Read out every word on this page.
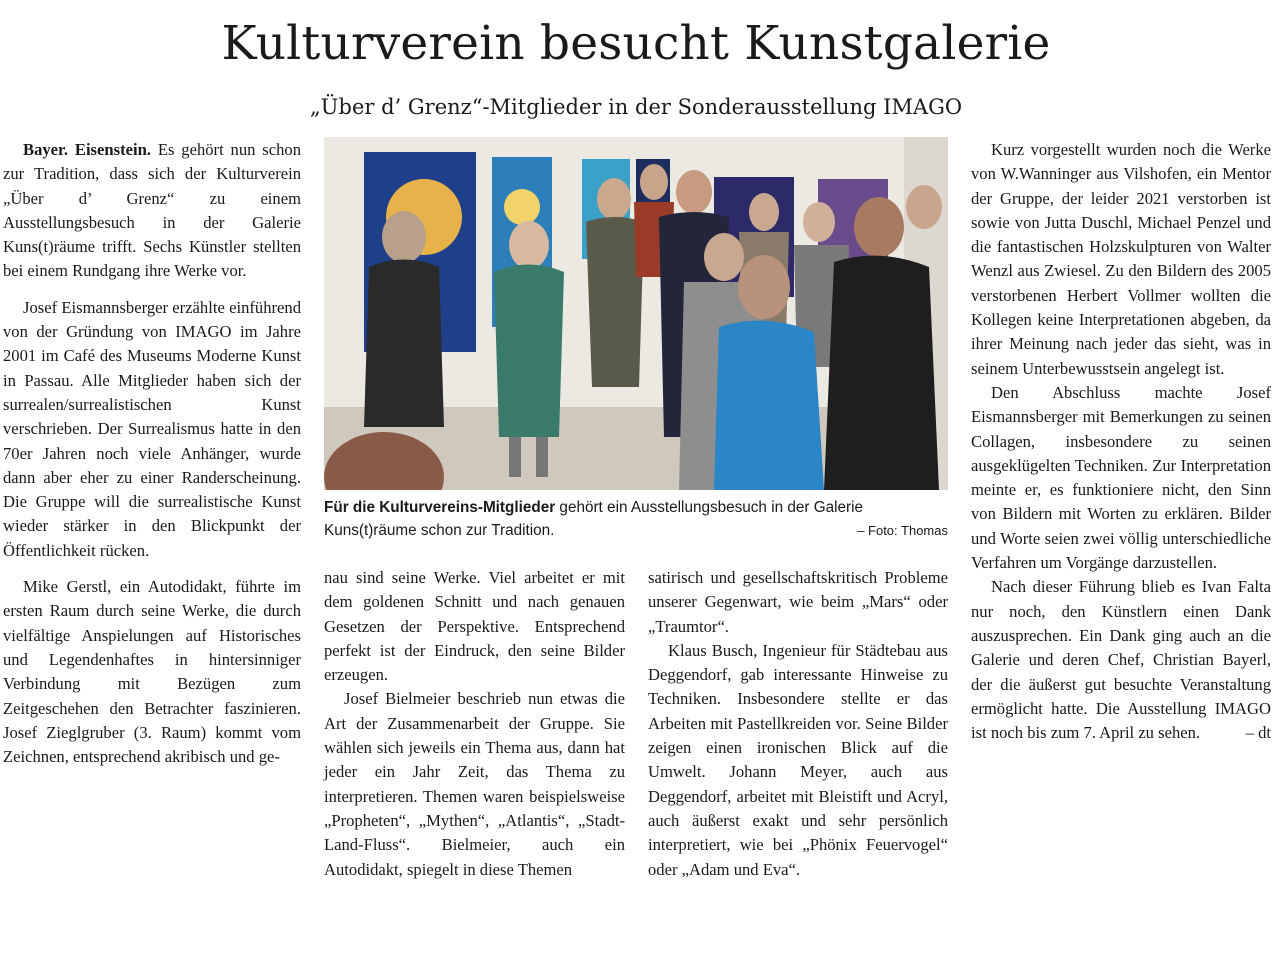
Kulturverein besucht Kunstgalerie
„Über d’ Grenz“-Mitglieder in der Sonderausstellung IMAGO

Bayer. Eisenstein. Es gehört nun schon zur Tradition, dass sich der Kulturverein „Über d’ Grenz“ zu einem Ausstellungsbesuch in der Galerie Kuns(t)räume trifft. Sechs Künstler stellten bei einem Rundgang ihre Werke vor.

Josef Eismannsberger erzählte einführend von der Gründung von IMAGO im Jahre 2001 im Café des Museums Moderne Kunst in Passau. Alle Mitglieder haben sich der surrealen/surrealistischen Kunst verschrieben. Der Surrealismus hatte in den 70er Jahren noch viele Anhänger, wurde dann aber eher zu einer Randerscheinung. Die Gruppe will die surrealistische Kunst wieder stärker in den Blickpunkt der Öffentlichkeit rücken.

Mike Gerstl, ein Autodidakt, führte im ersten Raum durch seine Werke, die durch vielfältige Anspielungen auf Historisches und Legendenhaftes in hintersinniger Verbindung mit Bezügen zum Zeitgeschehen den Betrachter faszinieren. Josef Zieglgruber (3. Raum) kommt vom Zeichnen, entsprechend akribisch und ge-

Für die Kulturvereins-Mitglieder gehört ein Ausstellungsbesuch in der Galerie Kuns(t)räume schon zur Tradition.	– Foto: Thomas

nau sind seine Werke. Viel arbeitet er mit dem goldenen Schnitt und nach genauen Gesetzen der Perspektive. Entsprechend perfekt ist der Eindruck, den seine Bilder erzeugen.

Josef Bielmeier beschrieb nun etwas die Art der Zusammenarbeit der Gruppe. Sie wählen sich jeweils ein Thema aus, dann hat jeder ein Jahr Zeit, das Thema zu interpretieren. Themen waren beispielsweise „Propheten“, „Mythen“, „Atlantis“, „Stadt-Land-Fluss“. Bielmeier, auch ein Autodidakt, spiegelt in diese Themen

satirisch und gesellschaftskritisch Probleme unserer Gegenwart, wie beim „Mars“ oder „Traumtor“.

Klaus Busch, Ingenieur für Städtebau aus Deggendorf, gab interessante Hinweise zu Techniken. Insbesondere stellte er das Arbeiten mit Pastellkreiden vor. Seine Bilder zeigen einen ironischen Blick auf die Umwelt. Johann Meyer, auch aus Deggendorf, arbeitet mit Bleistift und Acryl, auch äußerst exakt und sehr persönlich interpretiert, wie bei „Phönix Feuervogel“ oder „Adam und Eva“.

Kurz vorgestellt wurden noch die Werke von W.Wanninger aus Vilshofen, ein Mentor der Gruppe, der leider 2021 verstorben ist sowie von Jutta Duschl, Michael Penzel und die fantastischen Holzskulpturen von Walter Wenzl aus Zwiesel. Zu den Bildern des 2005 verstorbenen Herbert Vollmer wollten die Kollegen keine Interpretationen abgeben, da ihrer Meinung nach jeder das sieht, was in seinem Unterbewusstsein angelegt ist.

Den Abschluss machte Josef Eismannsberger mit Bemerkungen zu seinen Collagen, insbesondere zu seinen ausgeklügelten Techniken. Zur Interpretation meinte er, es funktioniere nicht, den Sinn von Bildern mit Worten zu erklären. Bilder und Worte seien zwei völlig unterschiedliche Verfahren um Vorgänge darzustellen.

Nach dieser Führung blieb es Ivan Falta nur noch, den Künstlern einen Dank auszusprechen. Ein Dank ging auch an die Galerie und deren Chef, Christian Bayerl, der die äußerst gut besuchte Veranstaltung ermöglicht hatte. Die Ausstellung IMAGO ist noch bis zum 7. April zu sehen.	– dt
